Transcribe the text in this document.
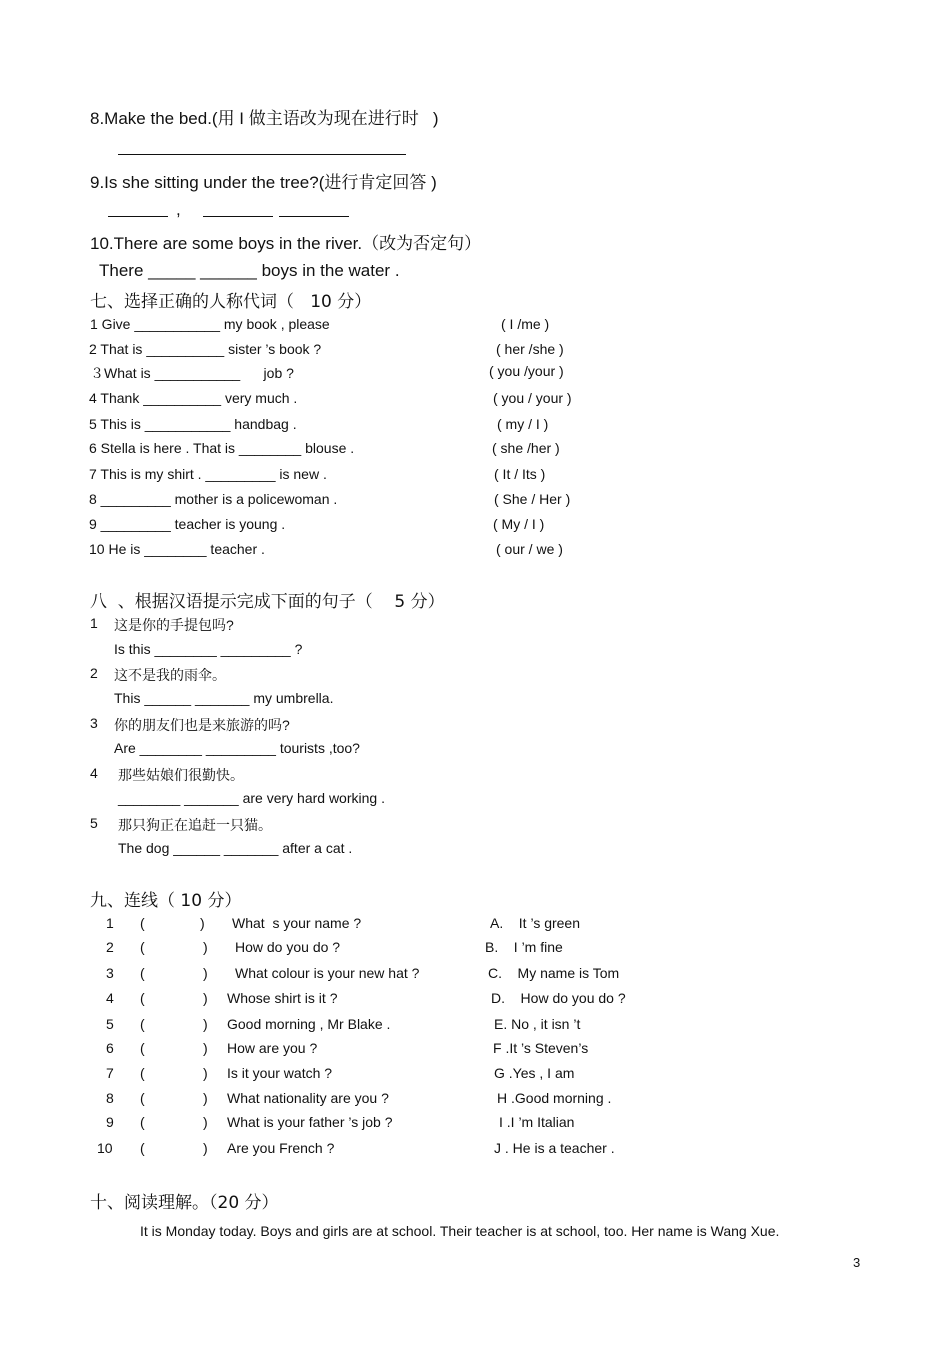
8.Make the bed.(用 I 做主语改为现在进行时   )
9.Is she sitting under the tree?(进行肯定回答 )
,
10.There are some boys in the river.（改为否定句）
There _____ ______ boys in the water .
七、选择正确的人称代词（   10 分）
1 Give ___________ my book , please	( I /me )
2 That is __________ sister ’s book ?	( her /she )
３What is ___________      job ?	( you /your )
4 Thank __________ very much .	( you / your )
5 This is ___________ handbag .	( my / I )
6 Stella is here . That is ________ blouse .	( she /her )
7 This is my shirt . _________ is new .	( It / Its )
8 _________ mother is a policewoman .	( She / Her )
9 _________ teacher is young .	( My / I )
10 He is ________ teacher .	( our / we )
八  、根据汉语提示完成下面的句子（    5 分）
1 这是你的手提包吗?
Is this ________ _________ ?
2 这不是我的雨伞。
This ______ _______ my umbrella.
3 你的朋友们也是来旅游的吗?
Are ________ _________ tourists ,too?
4 那些姑娘们很勤快。
________ _______ are very hard working .
5 那只狗正在追赶一只猫。
The dog ______ _______ after a cat .
九、连线（ 10 分）
1 (	) What  s your name ?	A.    It ’s green
2 (	) How do you do ?	B.    I ’m fine
3 (	) What colour is your new hat ?	C.    My name is Tom
4 (	) Whose shirt is it ?	D.    How do you do ?
5 (	) Good morning , Mr Blake .	E. No , it isn ’t
6 (	) How are you ?	F .It ’s Steven’s
7 (	) Is it your watch ?	G .Yes , I am
8 (	) What nationality are you ?	H .Good morning .
9 (	) What is your father ’s job ?	I .I ’m Italian
10 (	) Are you French ?	J . He is a teacher .
十、阅读理解。（20 分）
It is Monday today. Boys and girls are at school. Their teacher is at school, too. Her name is Wang Xue.
3
